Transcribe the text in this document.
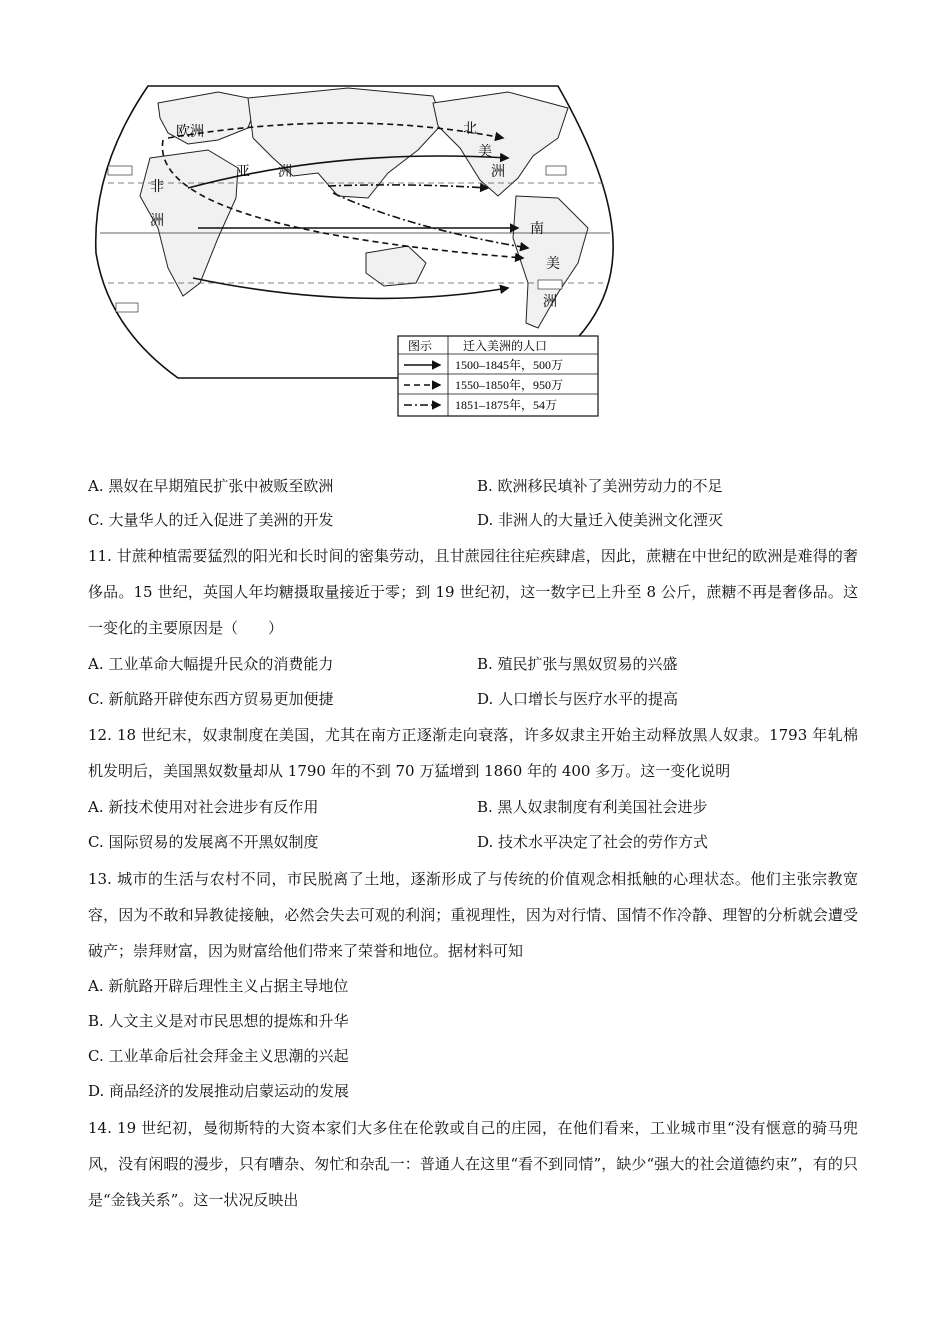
欧洲
亚 洲
非
洲
北
美
洲
南
美
洲
图示	迁入美洲的人口
1500–1845年，500万
1550–1850年，950万
1851–1875年，54万
A. 黑奴在早期殖民扩张中被贩至欧洲	B. 欧洲移民填补了美洲劳动力的不足
C. 大量华人的迁入促进了美洲的开发	D. 非洲人的大量迁入使美洲文化湮灭
11. 甘蔗种植需要猛烈的阳光和长时间的密集劳动，且甘蔗园往往疟疾肆虐，因此，蔗糖在中世纪的欧洲是难得的奢侈品。15 世纪，英国人年均糖摄取量接近于零；到 19 世纪初，这一数字已上升至 8 公斤，蔗糖不再是奢侈品。这一变化的主要原因是（　　）
A. 工业革命大幅提升民众的消费能力	B. 殖民扩张与黑奴贸易的兴盛
C. 新航路开辟使东西方贸易更加便捷	D. 人口增长与医疗水平的提高
12. 18 世纪末，奴隶制度在美国，尤其在南方正逐渐走向衰落，许多奴隶主开始主动释放黑人奴隶。1793 年轧棉机发明后，美国黑奴数量却从 1790 年的不到 70 万猛增到 1860 年的 400 多万。这一变化说明
A. 新技术使用对社会进步有反作用	B. 黑人奴隶制度有利美国社会进步
C. 国际贸易的发展离不开黑奴制度	D. 技术水平决定了社会的劳作方式
13. 城市的生活与农村不同，市民脱离了土地，逐渐形成了与传统的价值观念相抵触的心理状态。他们主张宗教宽容，因为不敢和异教徒接触，必然会失去可观的利润；重视理性，因为对行情、国情不作冷静、理智的分析就会遭受破产；崇拜财富，因为财富给他们带来了荣誉和地位。据材料可知
A. 新航路开辟后理性主义占据主导地位
B. 人文主义是对市民思想的提炼和升华
C. 工业革命后社会拜金主义思潮的兴起
D. 商品经济的发展推动启蒙运动的发展
14. 19 世纪初，曼彻斯特的大资本家们大多住在伦敦或自己的庄园，在他们看来，工业城市里“没有惬意的骑马兜风，没有闲暇的漫步，只有嘈杂、匆忙和杂乱一：普通人在这里“看不到同情”，缺少“强大的社会道德约束”，有的只是“金钱关系”。这一状况反映出
